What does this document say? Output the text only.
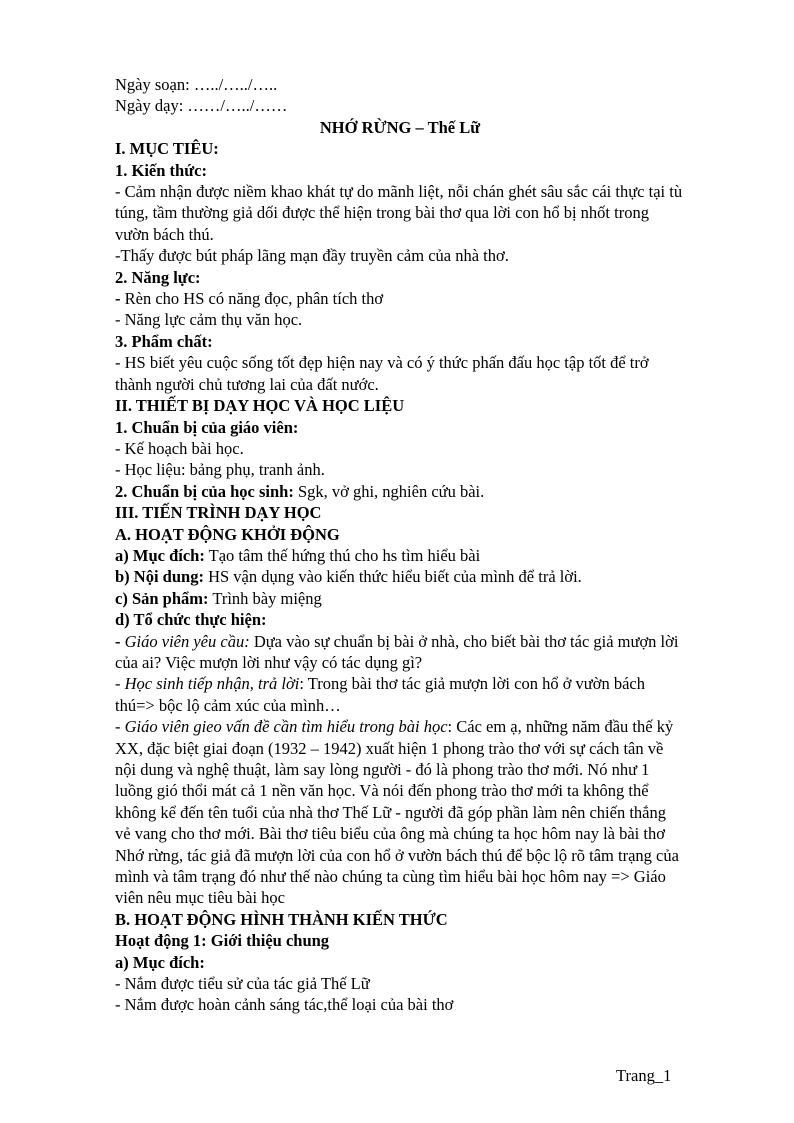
Ngày soạn: …../…../…..
Ngày dạy: ……/…../……
NHỚ RỪNG – Thế Lữ
I. MỤC TIÊU:
1. Kiến thức:
- Cảm nhận được niềm khao khát tự do mãnh liệt, nỗi chán ghét sâu sắc cái thực tại tù túng, tầm thường giả dối được thể hiện trong bài thơ qua lời con hổ bị nhốt trong vườn bách thú.
-Thấy được bút pháp lãng mạn đầy truyền cảm của nhà thơ.
2. Năng lực:
- Rèn cho HS có năng đọc, phân tích thơ
- Năng lực cảm thụ văn học.
3. Phẩm chất:
- HS biết yêu cuộc sống tốt đẹp hiện nay và có ý thức phấn đấu học tập tốt để trở thành người chủ tương lai của đất nước.
II. THIẾT BỊ DẠY HỌC VÀ HỌC LIỆU
1. Chuẩn bị của giáo viên:
- Kế hoạch bài học.
- Học liệu: bảng phụ, tranh ảnh.
2. Chuẩn bị của học sinh: Sgk, vở ghi, nghiên cứu bài.
III. TIẾN TRÌNH DẠY HỌC
A. HOẠT ĐỘNG KHỞI ĐỘNG
a) Mục đích: Tạo tâm thế hứng thú cho hs tìm hiểu bài
b) Nội dung: HS vận dụng vào kiến thức hiểu biết của mình để trả lời.
c) Sản phẩm: Trình bày miệng
d) Tổ chức thực hiện:
- Giáo viên yêu cầu: Dựa vào sự chuẩn bị bài ở nhà, cho biết bài thơ tác giả mượn lời của ai? Việc mượn lời như vậy có tác dụng gì?
- Học sinh tiếp nhận, trả lời: Trong bài thơ tác giả mượn lời con hổ ở vườn bách thú=> bộc lộ cảm xúc của mình…
- Giáo viên gieo vấn đề cần tìm hiểu trong bài học: Các em ạ, những năm đầu thế kỷ XX, đặc biệt giai đoạn (1932 – 1942) xuất hiện 1 phong trào thơ với sự cách tân về nội dung và nghệ thuật, làm say lòng người - đó là phong trào thơ mới. Nó như 1 luồng gió thổi mát cả 1 nền văn học. Và nói đến phong trào thơ mới ta không thể không kể đến tên tuổi của nhà thơ Thế Lữ - người đã góp phần làm nên chiến thắng vẻ vang cho thơ mới. Bài thơ tiêu biểu của ông mà chúng ta học hôm nay là bài thơ Nhớ rừng, tác giả đã mượn lời của con hổ ở vườn bách thú để bộc lộ rõ tâm trạng của mình và tâm trạng đó như thế nào chúng ta cùng tìm hiểu bài học hôm nay => Giáo viên nêu mục tiêu bài học
B. HOẠT ĐỘNG HÌNH THÀNH KIẾN THỨC
Hoạt động 1: Giới thiệu chung
a) Mục đích:
- Nắm được tiểu sử của tác giả Thế Lữ
- Nắm được hoàn cảnh sáng tác,thể loại của bài thơ
Trang_1
